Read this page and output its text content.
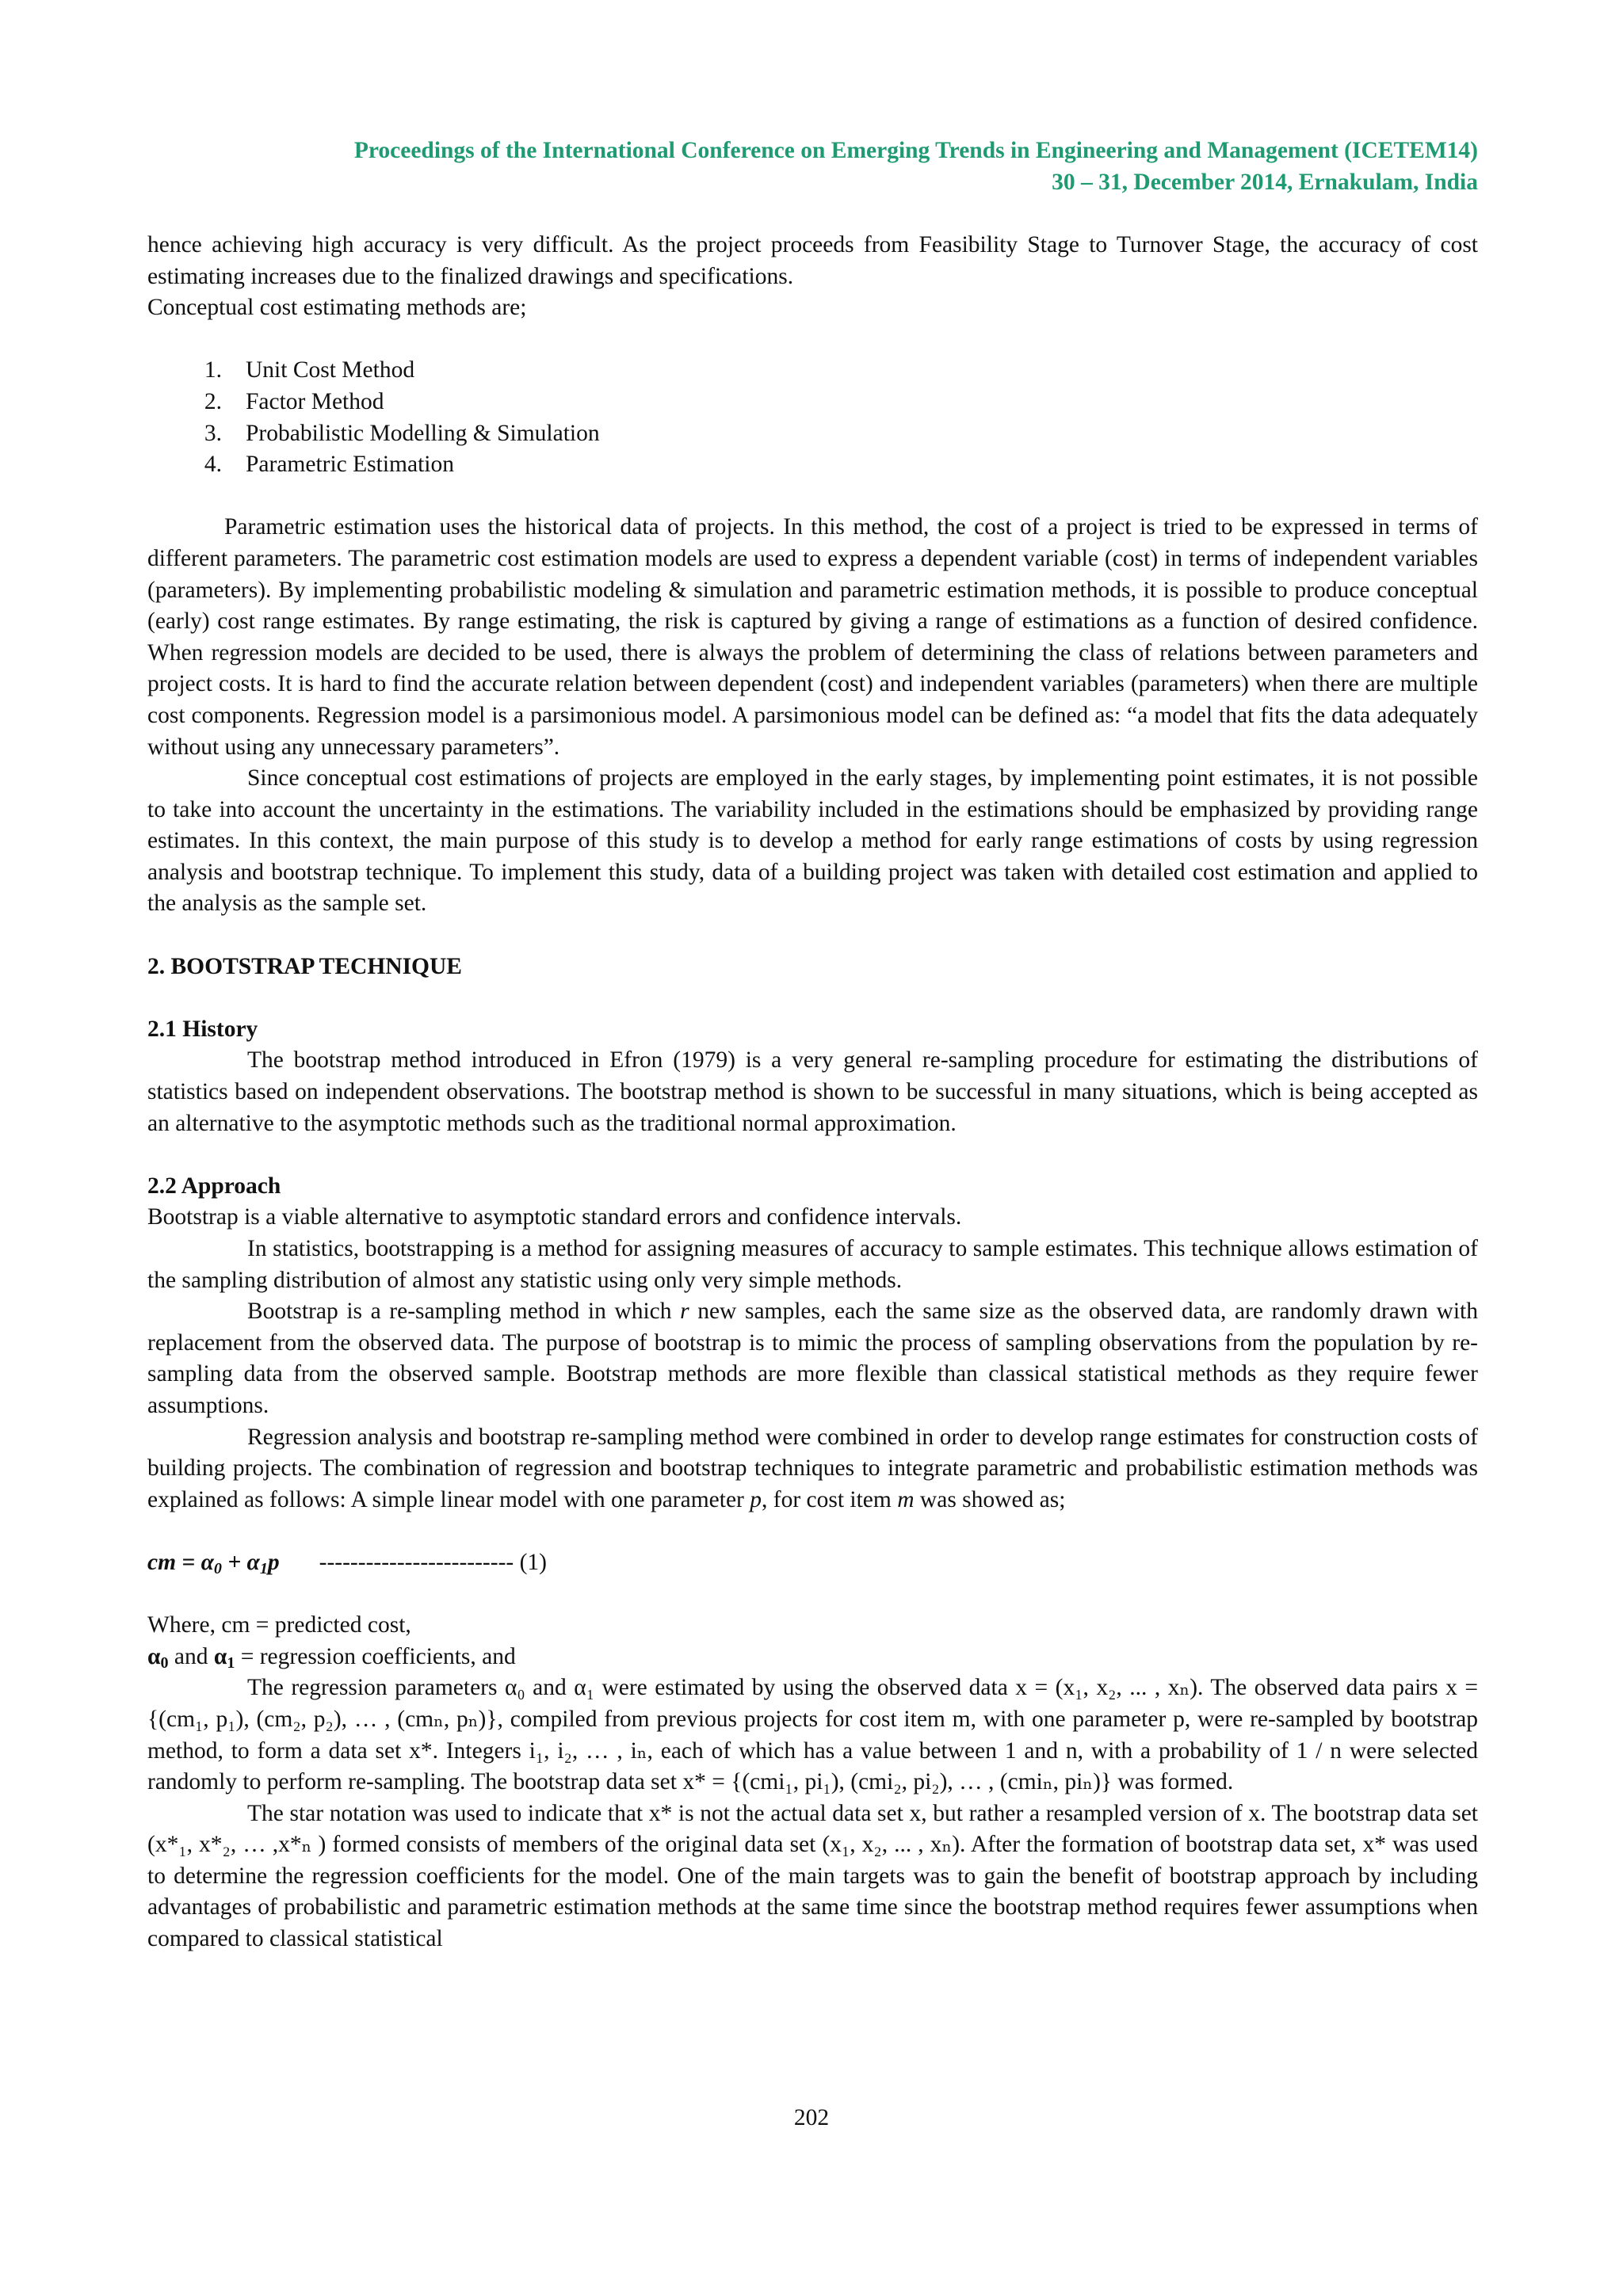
Proceedings of the International Conference on Emerging Trends in Engineering and Management (ICETEM14)
30 – 31, December 2014, Ernakulam, India

hence achieving high accuracy is very difficult. As the project proceeds from Feasibility Stage to Turnover Stage, the accuracy of cost estimating increases due to the finalized drawings and specifications.

Conceptual cost estimating methods are;

1.	Unit Cost Method
2.	Factor Method
3.	Probabilistic Modelling & Simulation
4.	Parametric Estimation

Parametric estimation uses the historical data of projects. In this method, the cost of a project is tried to be expressed in terms of different parameters. The parametric cost estimation models are used to express a dependent variable (cost) in terms of independent variables (parameters). By implementing probabilistic modeling & simulation and parametric estimation methods, it is possible to produce conceptual (early) cost range estimates. By range estimating, the risk is captured by giving a range of estimations as a function of desired confidence. When regression models are decided to be used, there is always the problem of determining the class of relations between parameters and project costs. It is hard to find the accurate relation between dependent (cost) and independent variables (parameters) when there are multiple cost components. Regression model is a parsimonious model. A parsimonious model can be defined as: “a model that fits the data adequately without using any unnecessary parameters”.

Since conceptual cost estimations of projects are employed in the early stages, by implementing point estimates, it is not possible to take into account the uncertainty in the estimations. The variability included in the estimations should be emphasized by providing range estimates. In this context, the main purpose of this study is to develop a method for early range estimations of costs by using regression analysis and bootstrap technique. To implement this study, data of a building project was taken with detailed cost estimation and applied to the analysis as the sample set.

2. BOOTSTRAP TECHNIQUE

2.1 History

The bootstrap method introduced in Efron (1979) is a very general re-sampling procedure for estimating the distributions of statistics based on independent observations. The bootstrap method is shown to be successful in many situations, which is being accepted as an alternative to the asymptotic methods such as the traditional normal approximation.

2.2 Approach

Bootstrap is a viable alternative to asymptotic standard errors and confidence intervals.

In statistics, bootstrapping is a method for assigning measures of accuracy to sample estimates. This technique allows estimation of the sampling distribution of almost any statistic using only very simple methods.

Bootstrap is a re-sampling method in which r new samples, each the same size as the observed data, are randomly drawn with replacement from the observed data. The purpose of bootstrap is to mimic the process of sampling observations from the population by re-sampling data from the observed sample. Bootstrap methods are more flexible than classical statistical methods as they require fewer assumptions.

Regression analysis and bootstrap re-sampling method were combined in order to develop range estimates for construction costs of building projects. The combination of regression and bootstrap techniques to integrate parametric and probabilistic estimation methods was explained as follows: A simple linear model with one parameter p, for cost item m was showed as;

cm = $\alpha_0 + \alpha_1p$ ------------------------- (1)

Where, cm = predicted cost,

$\alpha_0$ and $\alpha_1$ = regression coefficients, and

The regression parameters α₀ and α₁ were estimated by using the observed data x = (x₁, x₂, ... , xₙ). The observed data pairs x = {(cm₁, p₁), (cm₂, p₂), … , (cmₙ, pₙ)}, compiled from previous projects for cost item m, with one parameter p, were re-sampled by bootstrap method, to form a data set x*. Integers i₁, i₂, … , iₙ, each of which has a value between 1 and n, with a probability of 1 / n were selected randomly to perform re-sampling. The bootstrap data set x* = {(cmi₁, pi₁), (cmi₂, pi₂), … , (cmiₙ, piₙ)} was formed.

The star notation was used to indicate that x* is not the actual data set x, but rather a resampled version of x. The bootstrap data set (x*₁, x*₂, … ,x*ₙ ) formed consists of members of the original data set (x₁, x₂, ... , xₙ). After the formation of bootstrap data set, x* was used to determine the regression coefficients for the model. One of the main targets was to gain the benefit of bootstrap approach by including advantages of probabilistic and parametric estimation methods at the same time since the bootstrap method requires fewer assumptions when compared to classical statistical

202
